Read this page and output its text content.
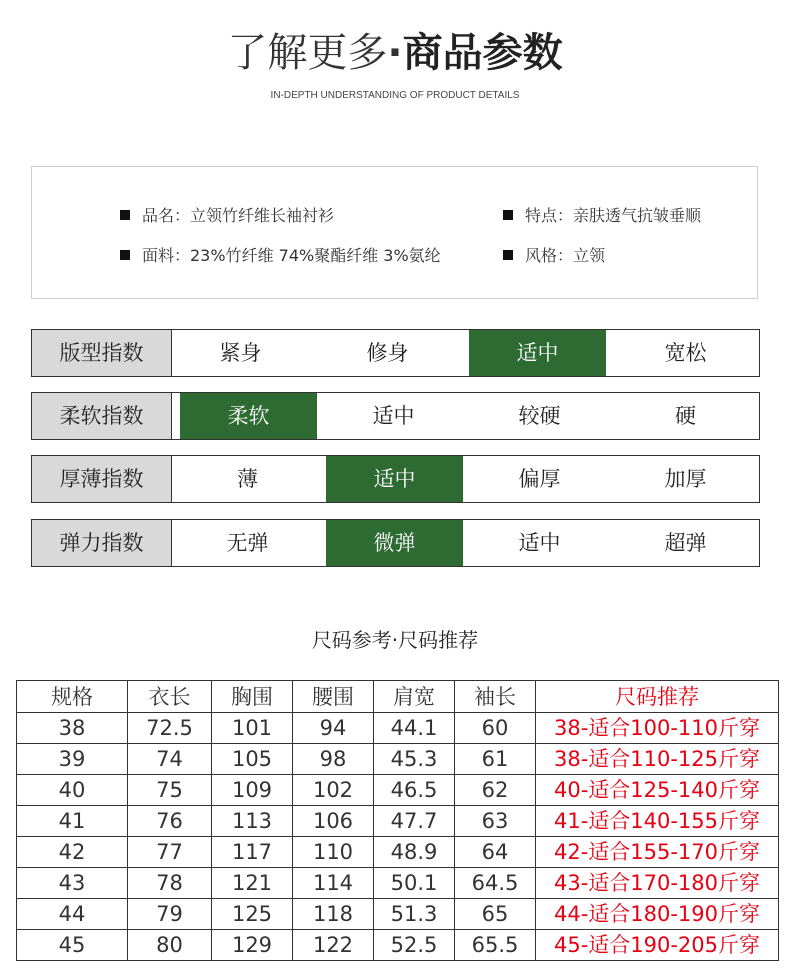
了解更多·商品参数
IN-DEPTH UNDERSTANDING OF PRODUCT DETAILS
品名：立领竹纤维长袖衬衫	特点：亲肤透气抗皱垂顺
面料：23%竹纤维 74%聚酯纤维 3%氨纶	风格：立领
版型指数	紧身	修身	适中	宽松
柔软指数	柔软	适中	较硬	硬
厚薄指数	薄	适中	偏厚	加厚
弹力指数	无弹	微弹	适中	超弹
尺码参考·尺码推荐
规格	衣长	胸围	腰围	肩宽	袖长	尺码推荐
38	72.5	101	94	44.1	60	38-适合100-110斤穿
39	74	105	98	45.3	61	38-适合110-125斤穿
40	75	109	102	46.5	62	40-适合125-140斤穿
41	76	113	106	47.7	63	41-适合140-155斤穿
42	77	117	110	48.9	64	42-适合155-170斤穿
43	78	121	114	50.1	64.5	43-适合170-180斤穿
44	79	125	118	51.3	65	44-适合180-190斤穿
45	80	129	122	52.5	65.5	45-适合190-205斤穿
